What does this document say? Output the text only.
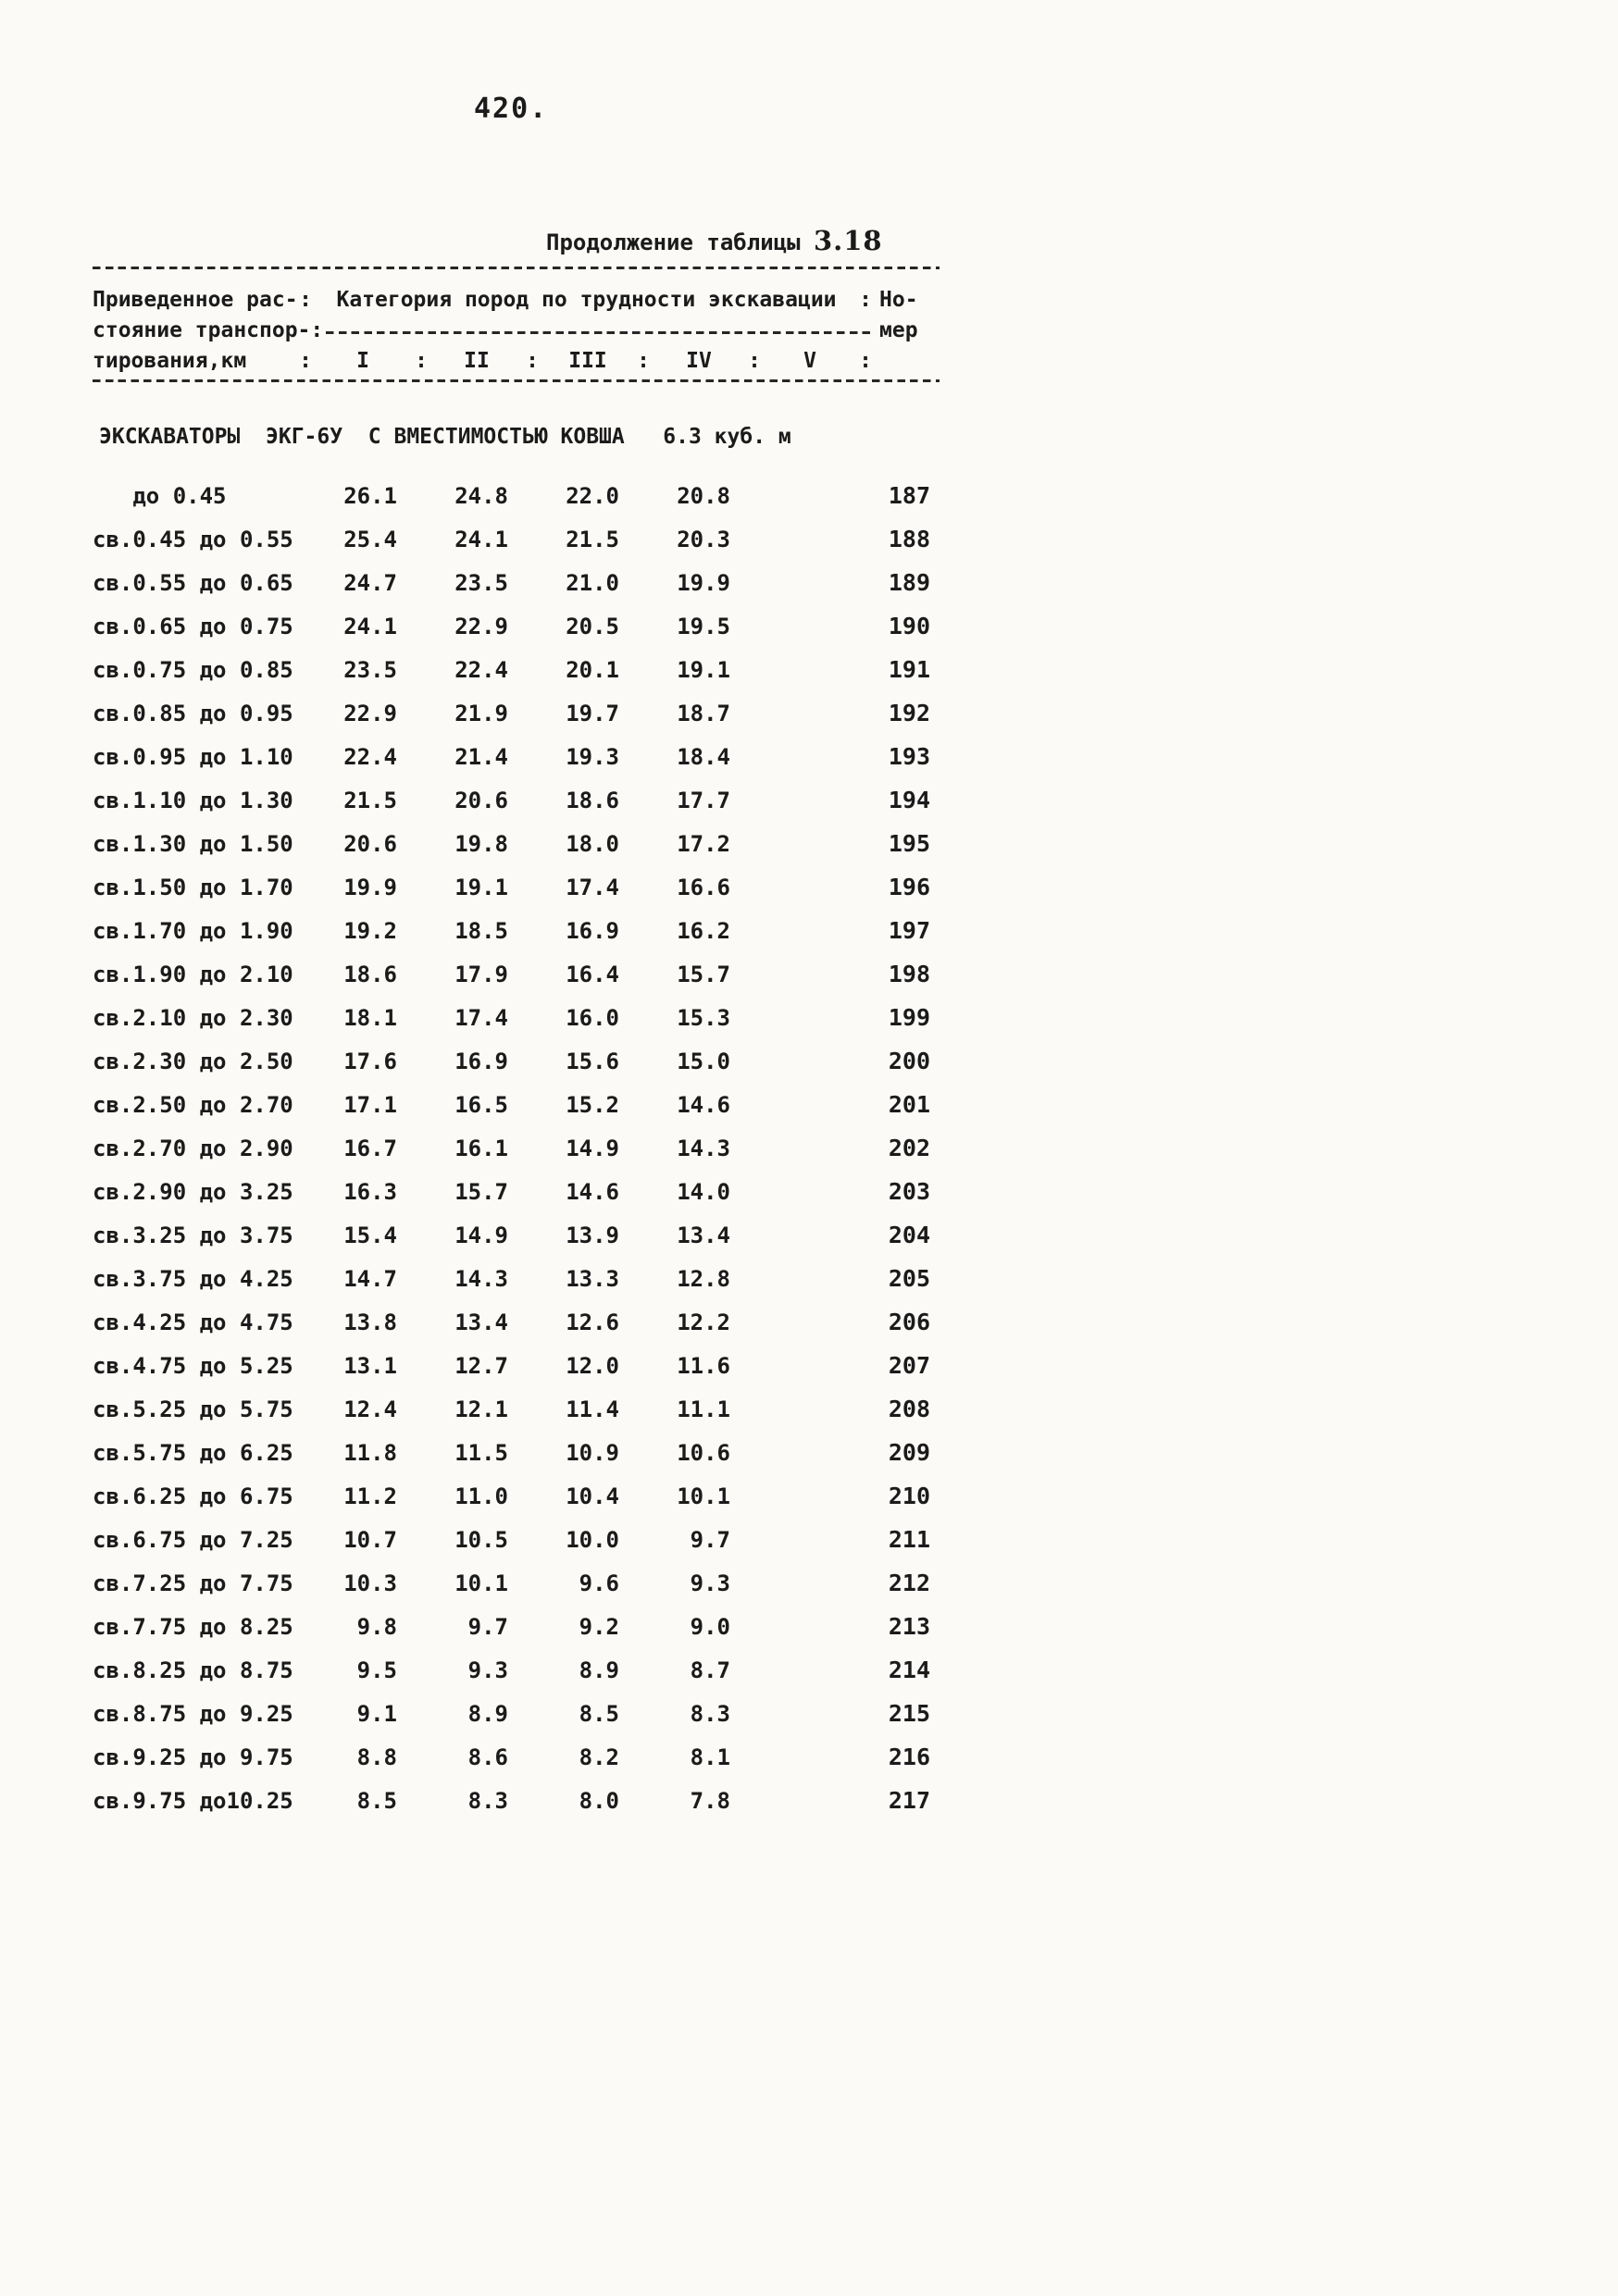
420.
Продолжение таблицы 3.18
Приведенное рас- :	Категория пород по трудности экскавации	: Но-
стояние транспор-:	мер
тирования,км : I : II : III : IV : V :
ЭКСКАВАТОРЫ  ЭКГ-6У  С ВМЕСТИМОСТЬЮ КОВША   6.3 куб. м
до 0.45	26.1	24.8	22.0	20.8	187
св.0.45 до 0.55	25.4	24.1	21.5	20.3	188
св.0.55 до 0.65	24.7	23.5	21.0	19.9	189
св.0.65 до 0.75	24.1	22.9	20.5	19.5	190
св.0.75 до 0.85	23.5	22.4	20.1	19.1	191
св.0.85 до 0.95	22.9	21.9	19.7	18.7	192
св.0.95 до 1.10	22.4	21.4	19.3	18.4	193
св.1.10 до 1.30	21.5	20.6	18.6	17.7	194
св.1.30 до 1.50	20.6	19.8	18.0	17.2	195
св.1.50 до 1.70	19.9	19.1	17.4	16.6	196
св.1.70 до 1.90	19.2	18.5	16.9	16.2	197
св.1.90 до 2.10	18.6	17.9	16.4	15.7	198
св.2.10 до 2.30	18.1	17.4	16.0	15.3	199
св.2.30 до 2.50	17.6	16.9	15.6	15.0	200
св.2.50 до 2.70	17.1	16.5	15.2	14.6	201
св.2.70 до 2.90	16.7	16.1	14.9	14.3	202
св.2.90 до 3.25	16.3	15.7	14.6	14.0	203
св.3.25 до 3.75	15.4	14.9	13.9	13.4	204
св.3.75 до 4.25	14.7	14.3	13.3	12.8	205
св.4.25 до 4.75	13.8	13.4	12.6	12.2	206
св.4.75 до 5.25	13.1	12.7	12.0	11.6	207
св.5.25 до 5.75	12.4	12.1	11.4	11.1	208
св.5.75 до 6.25	11.8	11.5	10.9	10.6	209
св.6.25 до 6.75	11.2	11.0	10.4	10.1	210
св.6.75 до 7.25	10.7	10.5	10.0	9.7	211
св.7.25 до 7.75	10.3	10.1	9.6	9.3	212
св.7.75 до 8.25	9.8	9.7	9.2	9.0	213
св.8.25 до 8.75	9.5	9.3	8.9	8.7	214
св.8.75 до 9.25	9.1	8.9	8.5	8.3	215
св.9.25 до 9.75	8.8	8.6	8.2	8.1	216
св.9.75 до10.25	8.5	8.3	8.0	7.8	217
